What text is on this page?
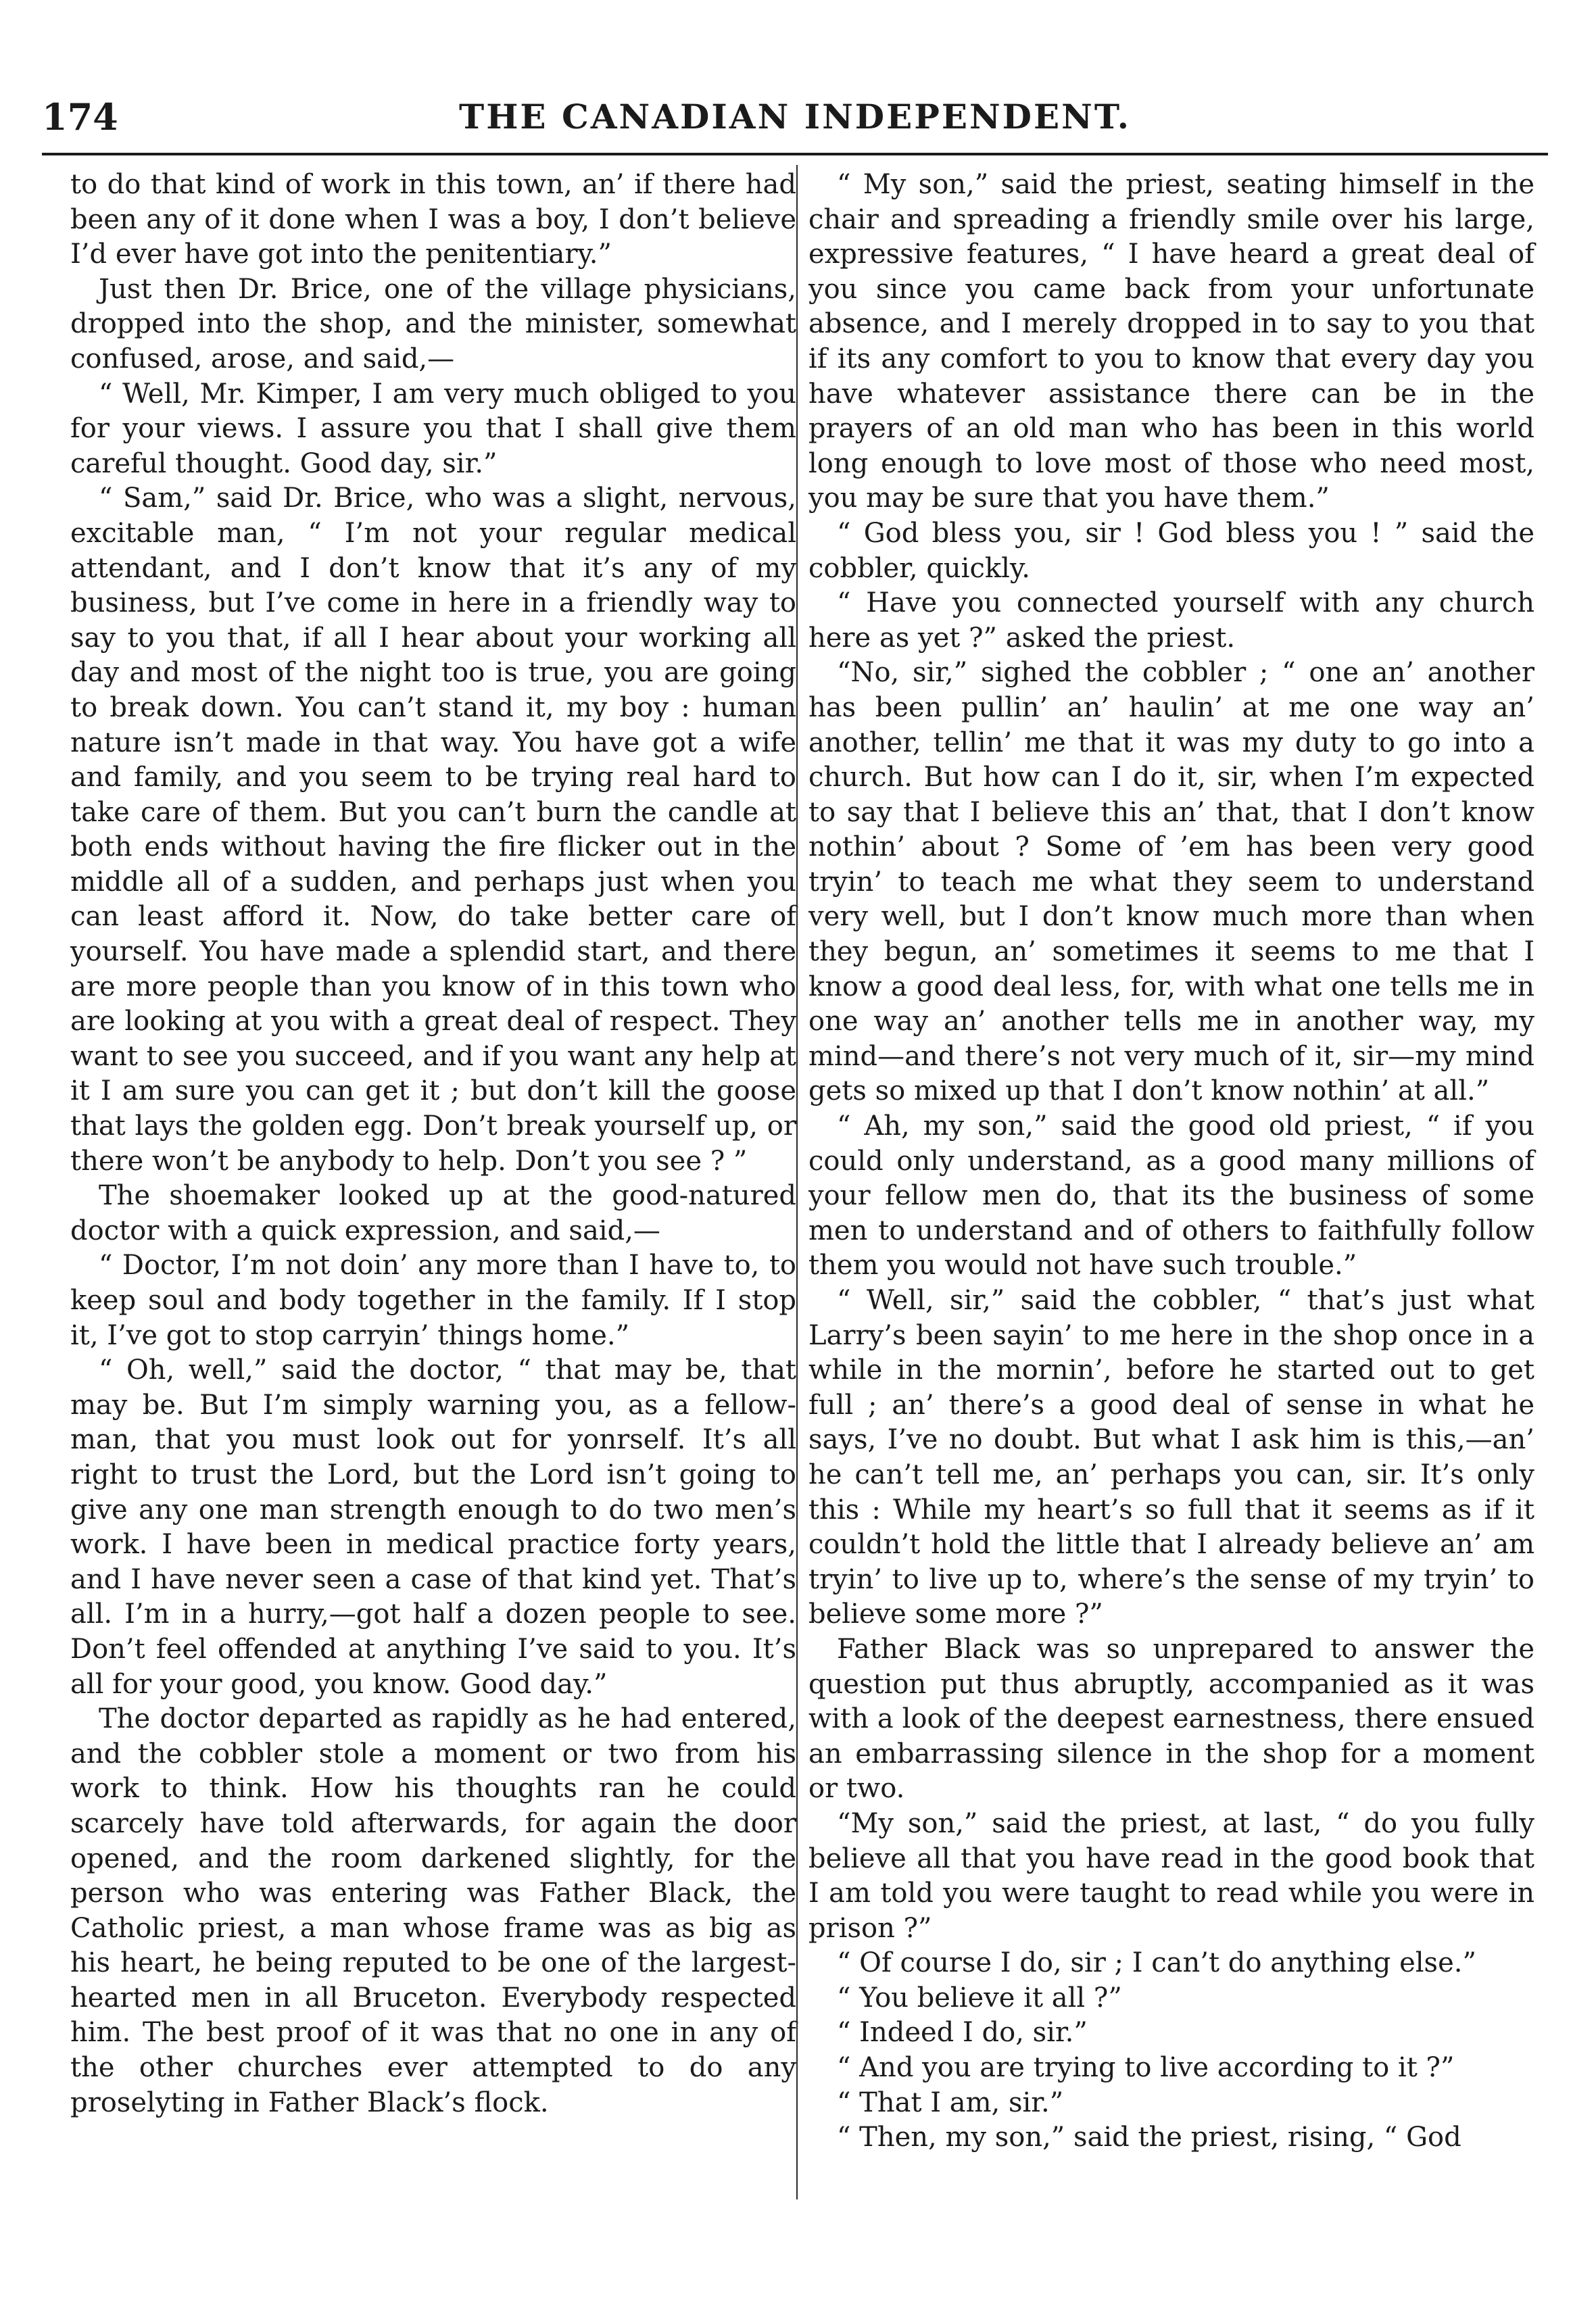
174	THE CANADIAN INDEPENDENT.

to do that kind of work in this town, an’ if there had been any of it done when I was a boy, I don’t believe I’d ever have got into the penitentiary.”

Just then Dr. Brice, one of the village physicians, dropped into the shop, and the minister, somewhat confused, arose, and said,—

“ Well, Mr. Kimper, I am very much obliged to you for your views. I assure you that I shall give them careful thought. Good day, sir.”

“ Sam,” said Dr. Brice, who was a slight, nervous, excitable man, “ I’m not your regular medical attendant, and I don’t know that it’s any of my business, but I’ve come in here in a friendly way to say to you that, if all I hear about your working all day and most of the night too is true, you are going to break down. You can’t stand it, my boy : human nature isn’t made in that way. You have got a wife and family, and you seem to be trying real hard to take care of them. But you can’t burn the candle at both ends without having the fire flicker out in the middle all of a sudden, and perhaps just when you can least afford it. Now, do take better care of yourself. You have made a splendid start, and there are more people than you know of in this town who are looking at you with a great deal of respect. They want to see you succeed, and if you want any help at it I am sure you can get it ; but don’t kill the goose that lays the golden egg. Don’t break yourself up, or there won’t be anybody to help. Don’t you see ? ”

The shoemaker looked up at the good-natured doctor with a quick expression, and said,—

“ Doctor, I’m not doin’ any more than I have to, to keep soul and body together in the family. If I stop it, I’ve got to stop carryin’ things home.”

“ Oh, well,” said the doctor, “ that may be, that may be. But I’m simply warning you, as a fellow-man, that you must look out for yonrself. It’s all right to trust the Lord, but the Lord isn’t going to give any one man strength enough to do two men’s work. I have been in medical practice forty years, and I have never seen a case of that kind yet. That’s all. I’m in a hurry,—got half a dozen people to see. Don’t feel offended at anything I’ve said to you. It’s all for your good, you know. Good day.”

The doctor departed as rapidly as he had entered, and the cobbler stole a moment or two from his work to think. How his thoughts ran he could scarcely have told afterwards, for again the door opened, and the room darkened slightly, for the person who was entering was Father Black, the Catholic priest, a man whose frame was as big as his heart, he being reputed to be one of the largest-hearted men in all Bruceton. Everybody respected him. The best proof of it was that no one in any of the other churches ever attempted to do any proselyting in Father Black’s flock.

“ My son,” said the priest, seating himself in the chair and spreading a friendly smile over his large, expressive features, “ I have heard a great deal of you since you came back from your unfortunate absence, and I merely dropped in to say to you that if its any comfort to you to know that every day you have whatever assistance there can be in the prayers of an old man who has been in this world long enough to love most of those who need most, you may be sure that you have them.”

“ God bless you, sir ! God bless you ! ” said the cobbler, quickly.

“ Have you connected yourself with any church here as yet ?” asked the priest.

“No, sir,” sighed the cobbler ; “ one an’ another has been pullin’ an’ haulin’ at me one way an’ another, tellin’ me that it was my duty to go into a church. But how can I do it, sir, when I’m expected to say that I believe this an’ that, that I don’t know nothin’ about ? Some of ’em has been very good tryin’ to teach me what they seem to understand very well, but I don’t know much more than when they begun, an’ sometimes it seems to me that I know a good deal less, for, with what one tells me in one way an’ another tells me in another way, my mind—and there’s not very much of it, sir—my mind gets so mixed up that I don’t know nothin’ at all.”

“ Ah, my son,” said the good old priest, “ if you could only understand, as a good many millions of your fellow men do, that its the business of some men to understand and of others to faithfully follow them you would not have such trouble.”

“ Well, sir,” said the cobbler, “ that’s just what Larry’s been sayin’ to me here in the shop once in a while in the mornin’, before he started out to get full ; an’ there’s a good deal of sense in what he says, I’ve no doubt. But what I ask him is this,—an’ he can’t tell me, an’ perhaps you can, sir. It’s only this : While my heart’s so full that it seems as if it couldn’t hold the little that I already believe an’ am tryin’ to live up to, where’s the sense of my tryin’ to believe some more ?”

Father Black was so unprepared to answer the question put thus abruptly, accompanied as it was with a look of the deepest earnestness, there ensued an embarrassing silence in the shop for a moment or two.

“My son,” said the priest, at last, “ do you fully believe all that you have read in the good book that I am told you were taught to read while you were in prison ?”

“ Of course I do, sir ; I can’t do anything else.”

“ You believe it all ?”

“ Indeed I do, sir.”

“ And you are trying to live according to it ?”

“ That I am, sir.”

“ Then, my son,” said the priest, rising, “ God
